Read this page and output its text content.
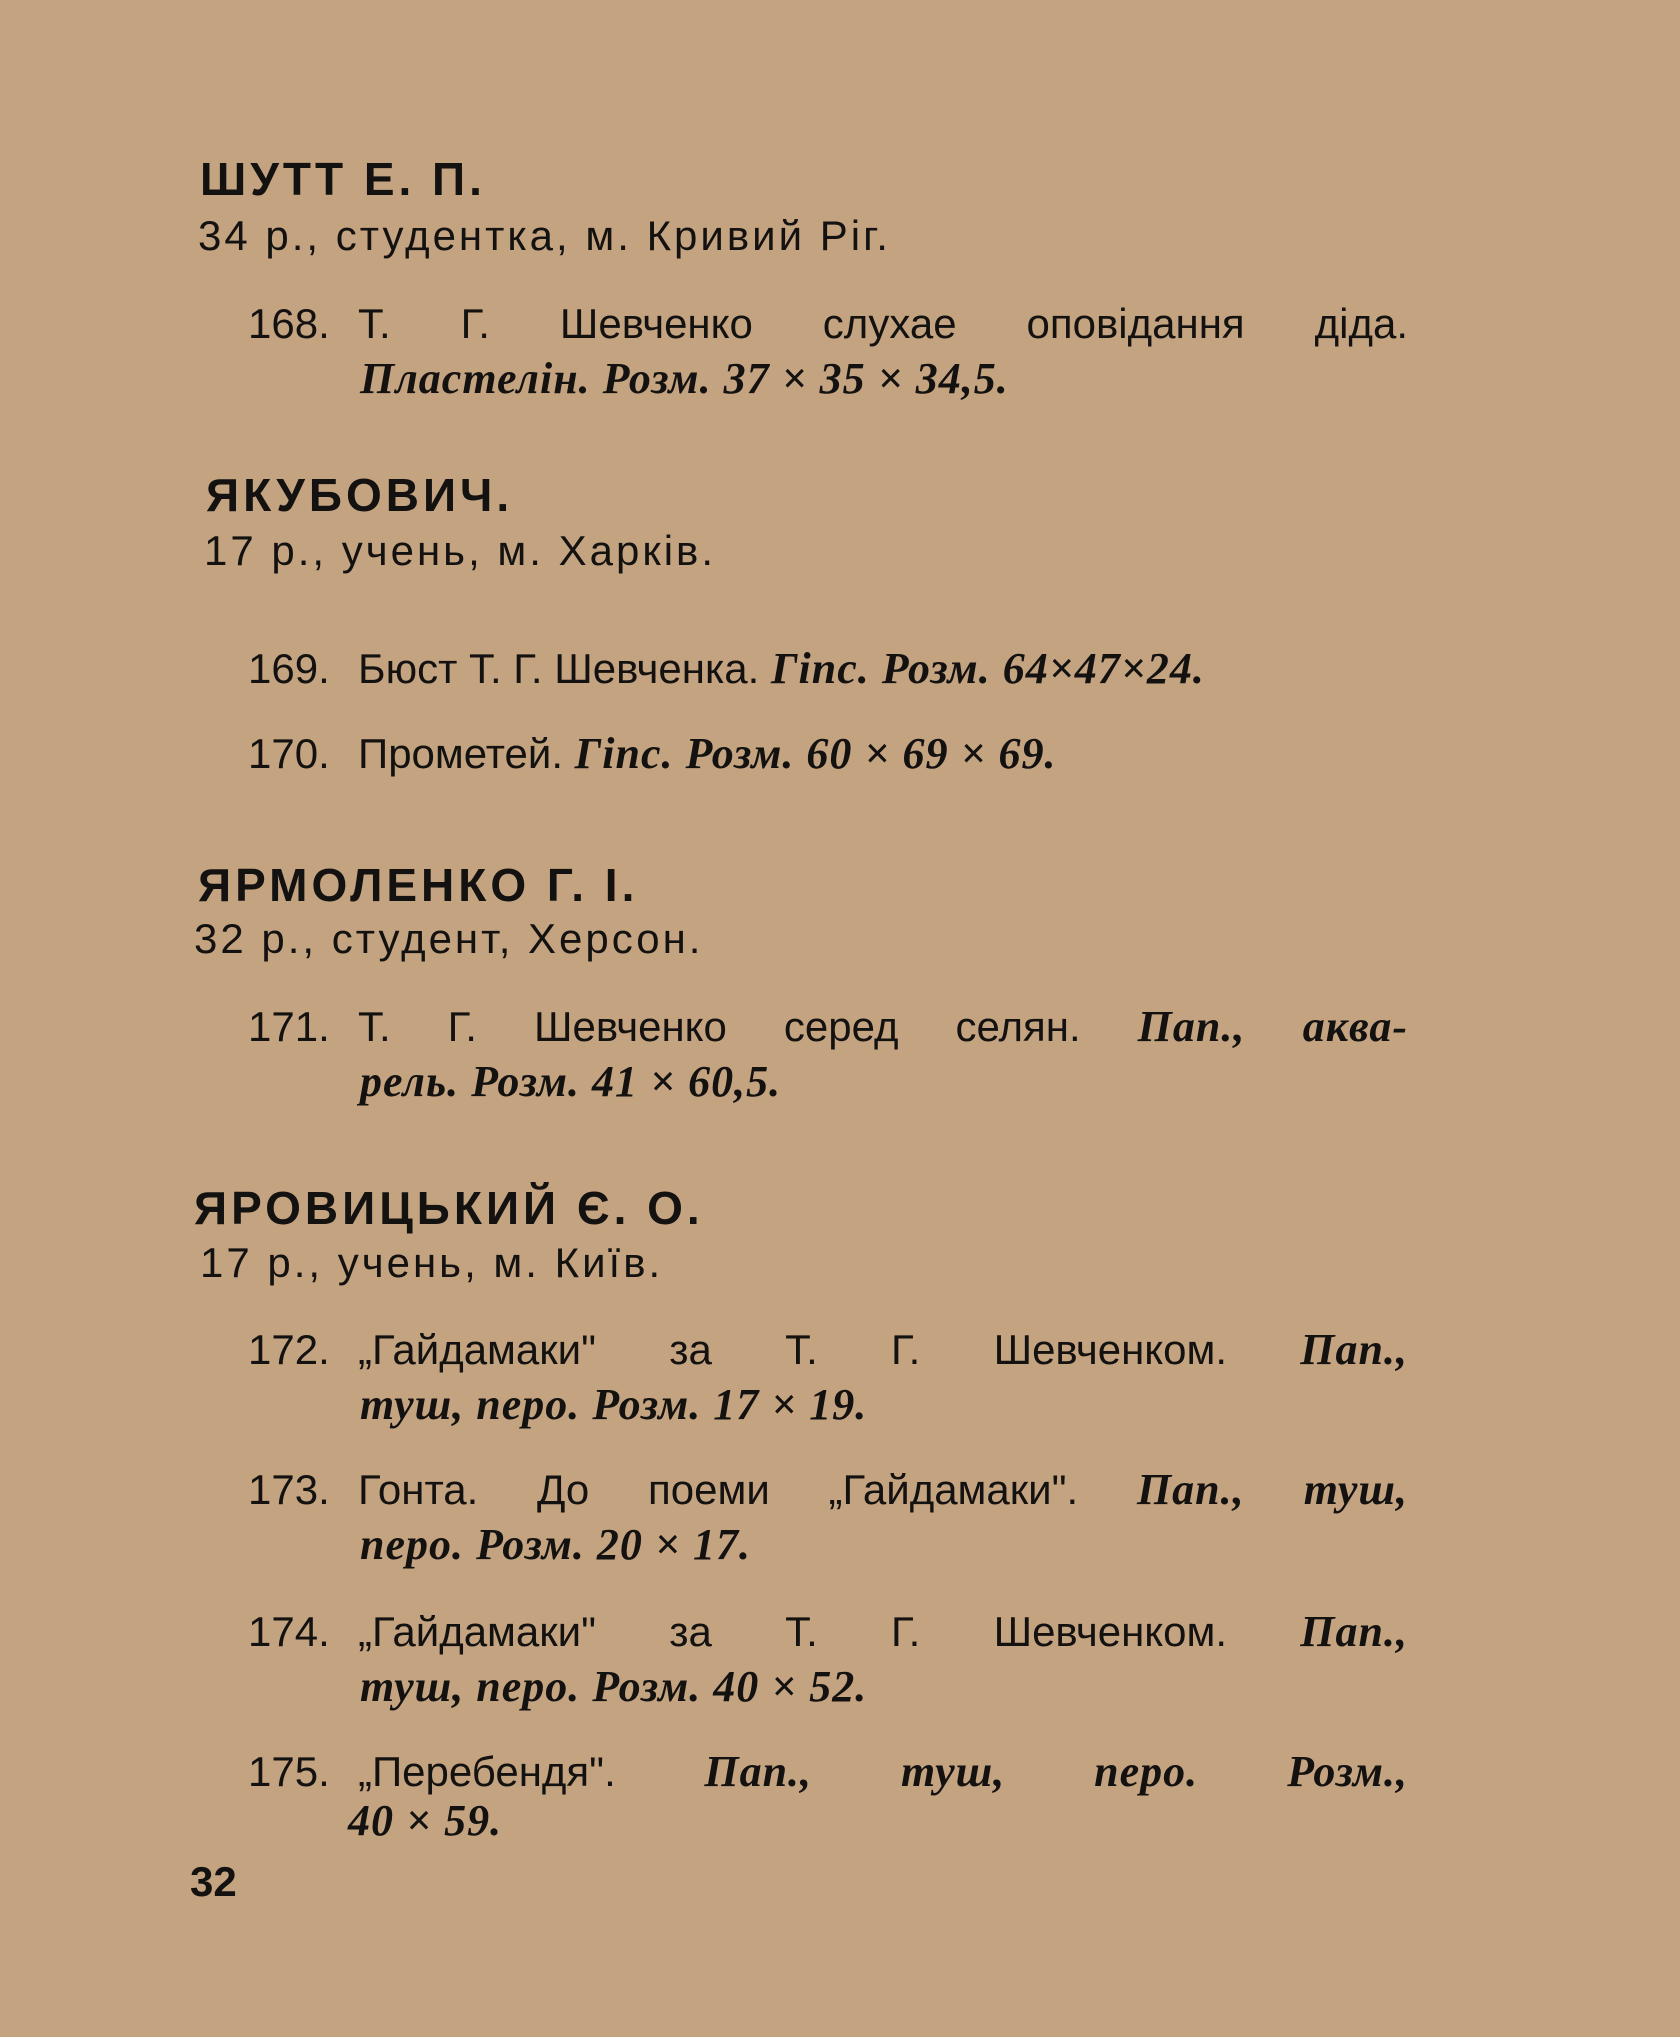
ШУТТ Е. П.
34 р., студентка, м. Кривий Ріг.
168. Т. Г. Шевченко слухае оповідання діда.
Пластелін. Розм. 37 × 35 × 34,5.
ЯКУБОВИЧ.
17 р., учень, м. Харків.
169. Бюст Т. Г. Шевченка. Гіпс. Розм. 64×47×24.
170. Прометей. Гіпс. Розм. 60 × 69 × 69.
ЯРМОЛЕНКО Г. І.
32 р., студент, Херсон.
171. Т. Г. Шевченко серед селян. Пап., аква-
рель. Розм. 41 × 60,5.
ЯРОВИЦЬКИЙ Є. О.
17 р., учень, м. Київ.
172. „Гайдамаки" за Т. Г. Шевченком. Пап.,
туш, перо. Розм. 17 × 19.
173. Гонта. До поеми „Гайдамаки". Пап., туш,
перо. Розм. 20 × 17.
174. „Гайдамаки" за Т. Г. Шевченком. Пап.,
туш, перо. Розм. 40 × 52.
175. „Перебендя". Пап., туш, перо. Розм.,
40 × 59.
32
